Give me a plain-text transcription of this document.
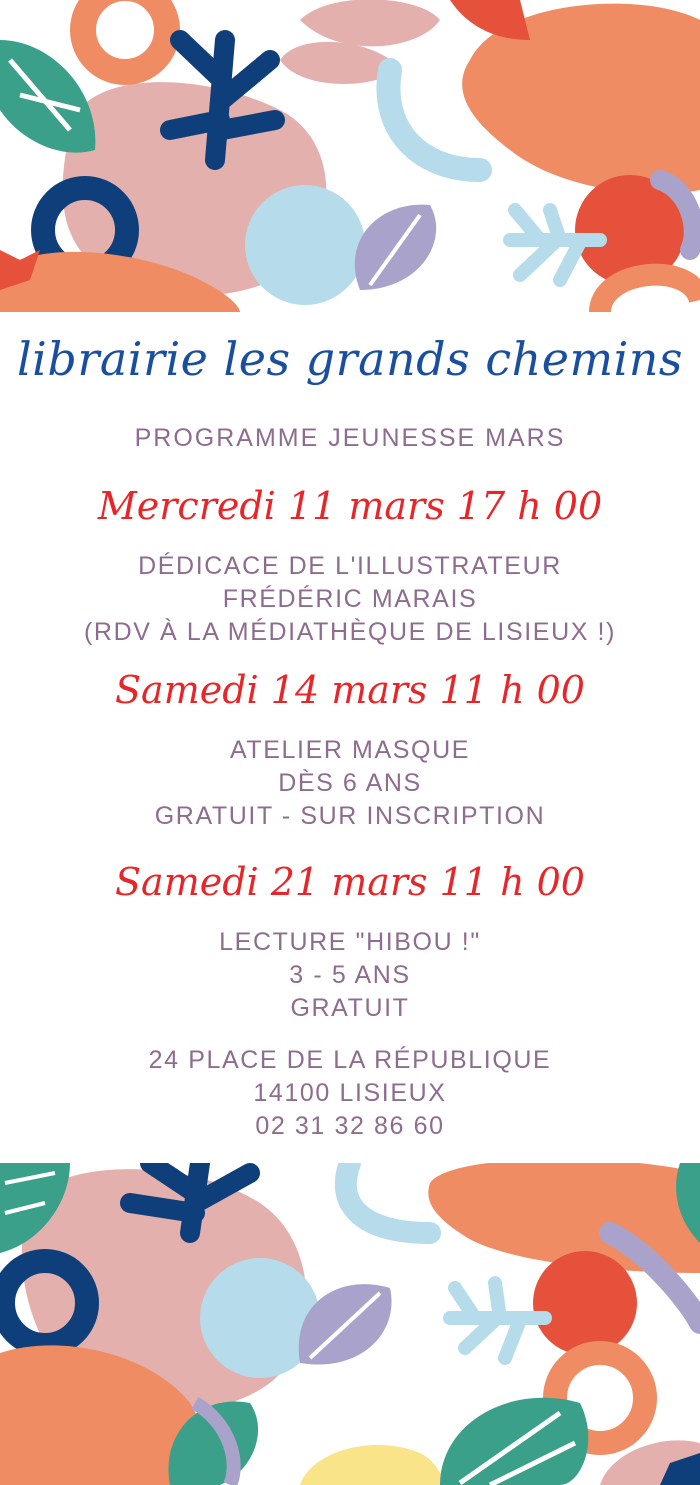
librairie les grands chemins
PROGRAMME JEUNESSE MARS
Mercredi 11 mars 17 h 00
DÉDICACE DE L'ILLUSTRATEUR
FRÉDÉRIC MARAIS
(RDV À LA MÉDIATHÈQUE DE LISIEUX !)
Samedi 14 mars 11 h 00
ATELIER MASQUE
DÈS 6 ANS
GRATUIT - SUR INSCRIPTION
Samedi 21 mars 11 h 00
LECTURE "HIBOU !"
3 - 5 ANS
GRATUIT
24 PLACE DE LA RÉPUBLIQUE
14100 LISIEUX
02 31 32 86 60
